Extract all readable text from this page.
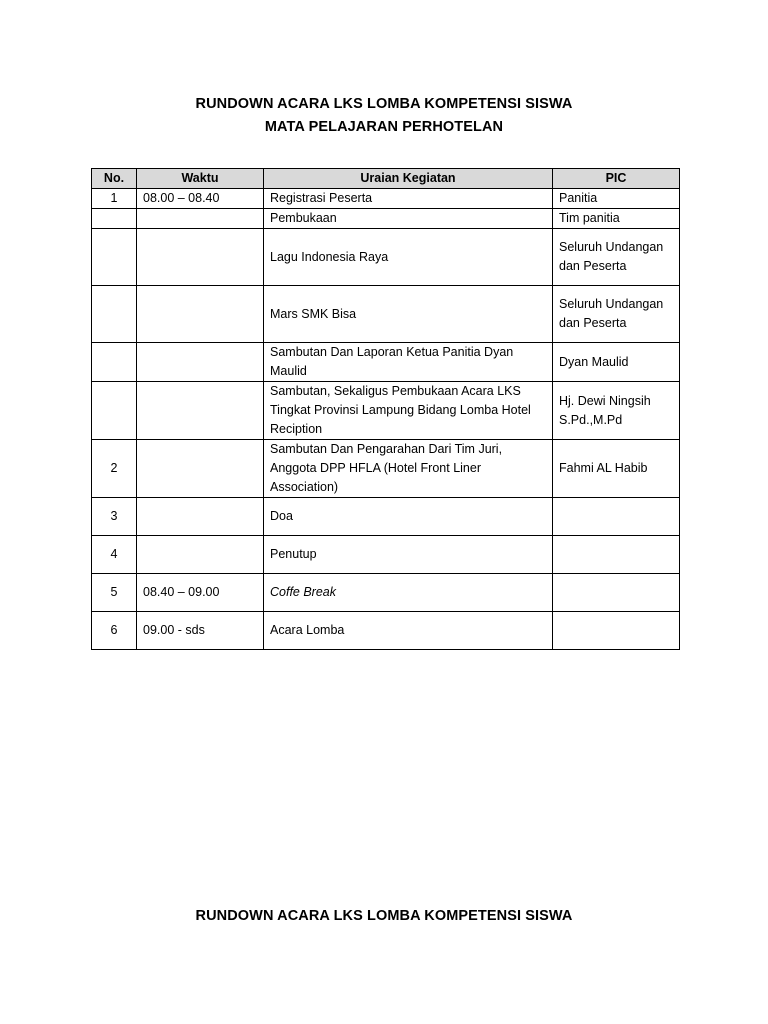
RUNDOWN ACARA LKS LOMBA KOMPETENSI SISWA
MATA PELAJARAN PERHOTELAN
No.	Waktu	Uraian Kegiatan	PIC
1	08.00 – 08.40	Registrasi Peserta	Panitia
		Pembukaan	Tim panitia
		Lagu Indonesia Raya	Seluruh Undangan dan Peserta
		Mars SMK Bisa	Seluruh Undangan dan Peserta
		Sambutan Dan Laporan Ketua Panitia Dyan Maulid	Dyan Maulid
		Sambutan, Sekaligus Pembukaan Acara LKS Tingkat Provinsi Lampung Bidang Lomba Hotel Reciption	Hj. Dewi Ningsih S.Pd.,M.Pd
2		Sambutan Dan Pengarahan Dari Tim Juri, Anggota DPP HFLA (Hotel Front Liner Association)	Fahmi AL Habib
3		Doa	
4		Penutup	
5	08.40 – 09.00	Coffe Break	
6	09.00 - sds	Acara Lomba	
RUNDOWN ACARA LKS LOMBA KOMPETENSI SISWA
